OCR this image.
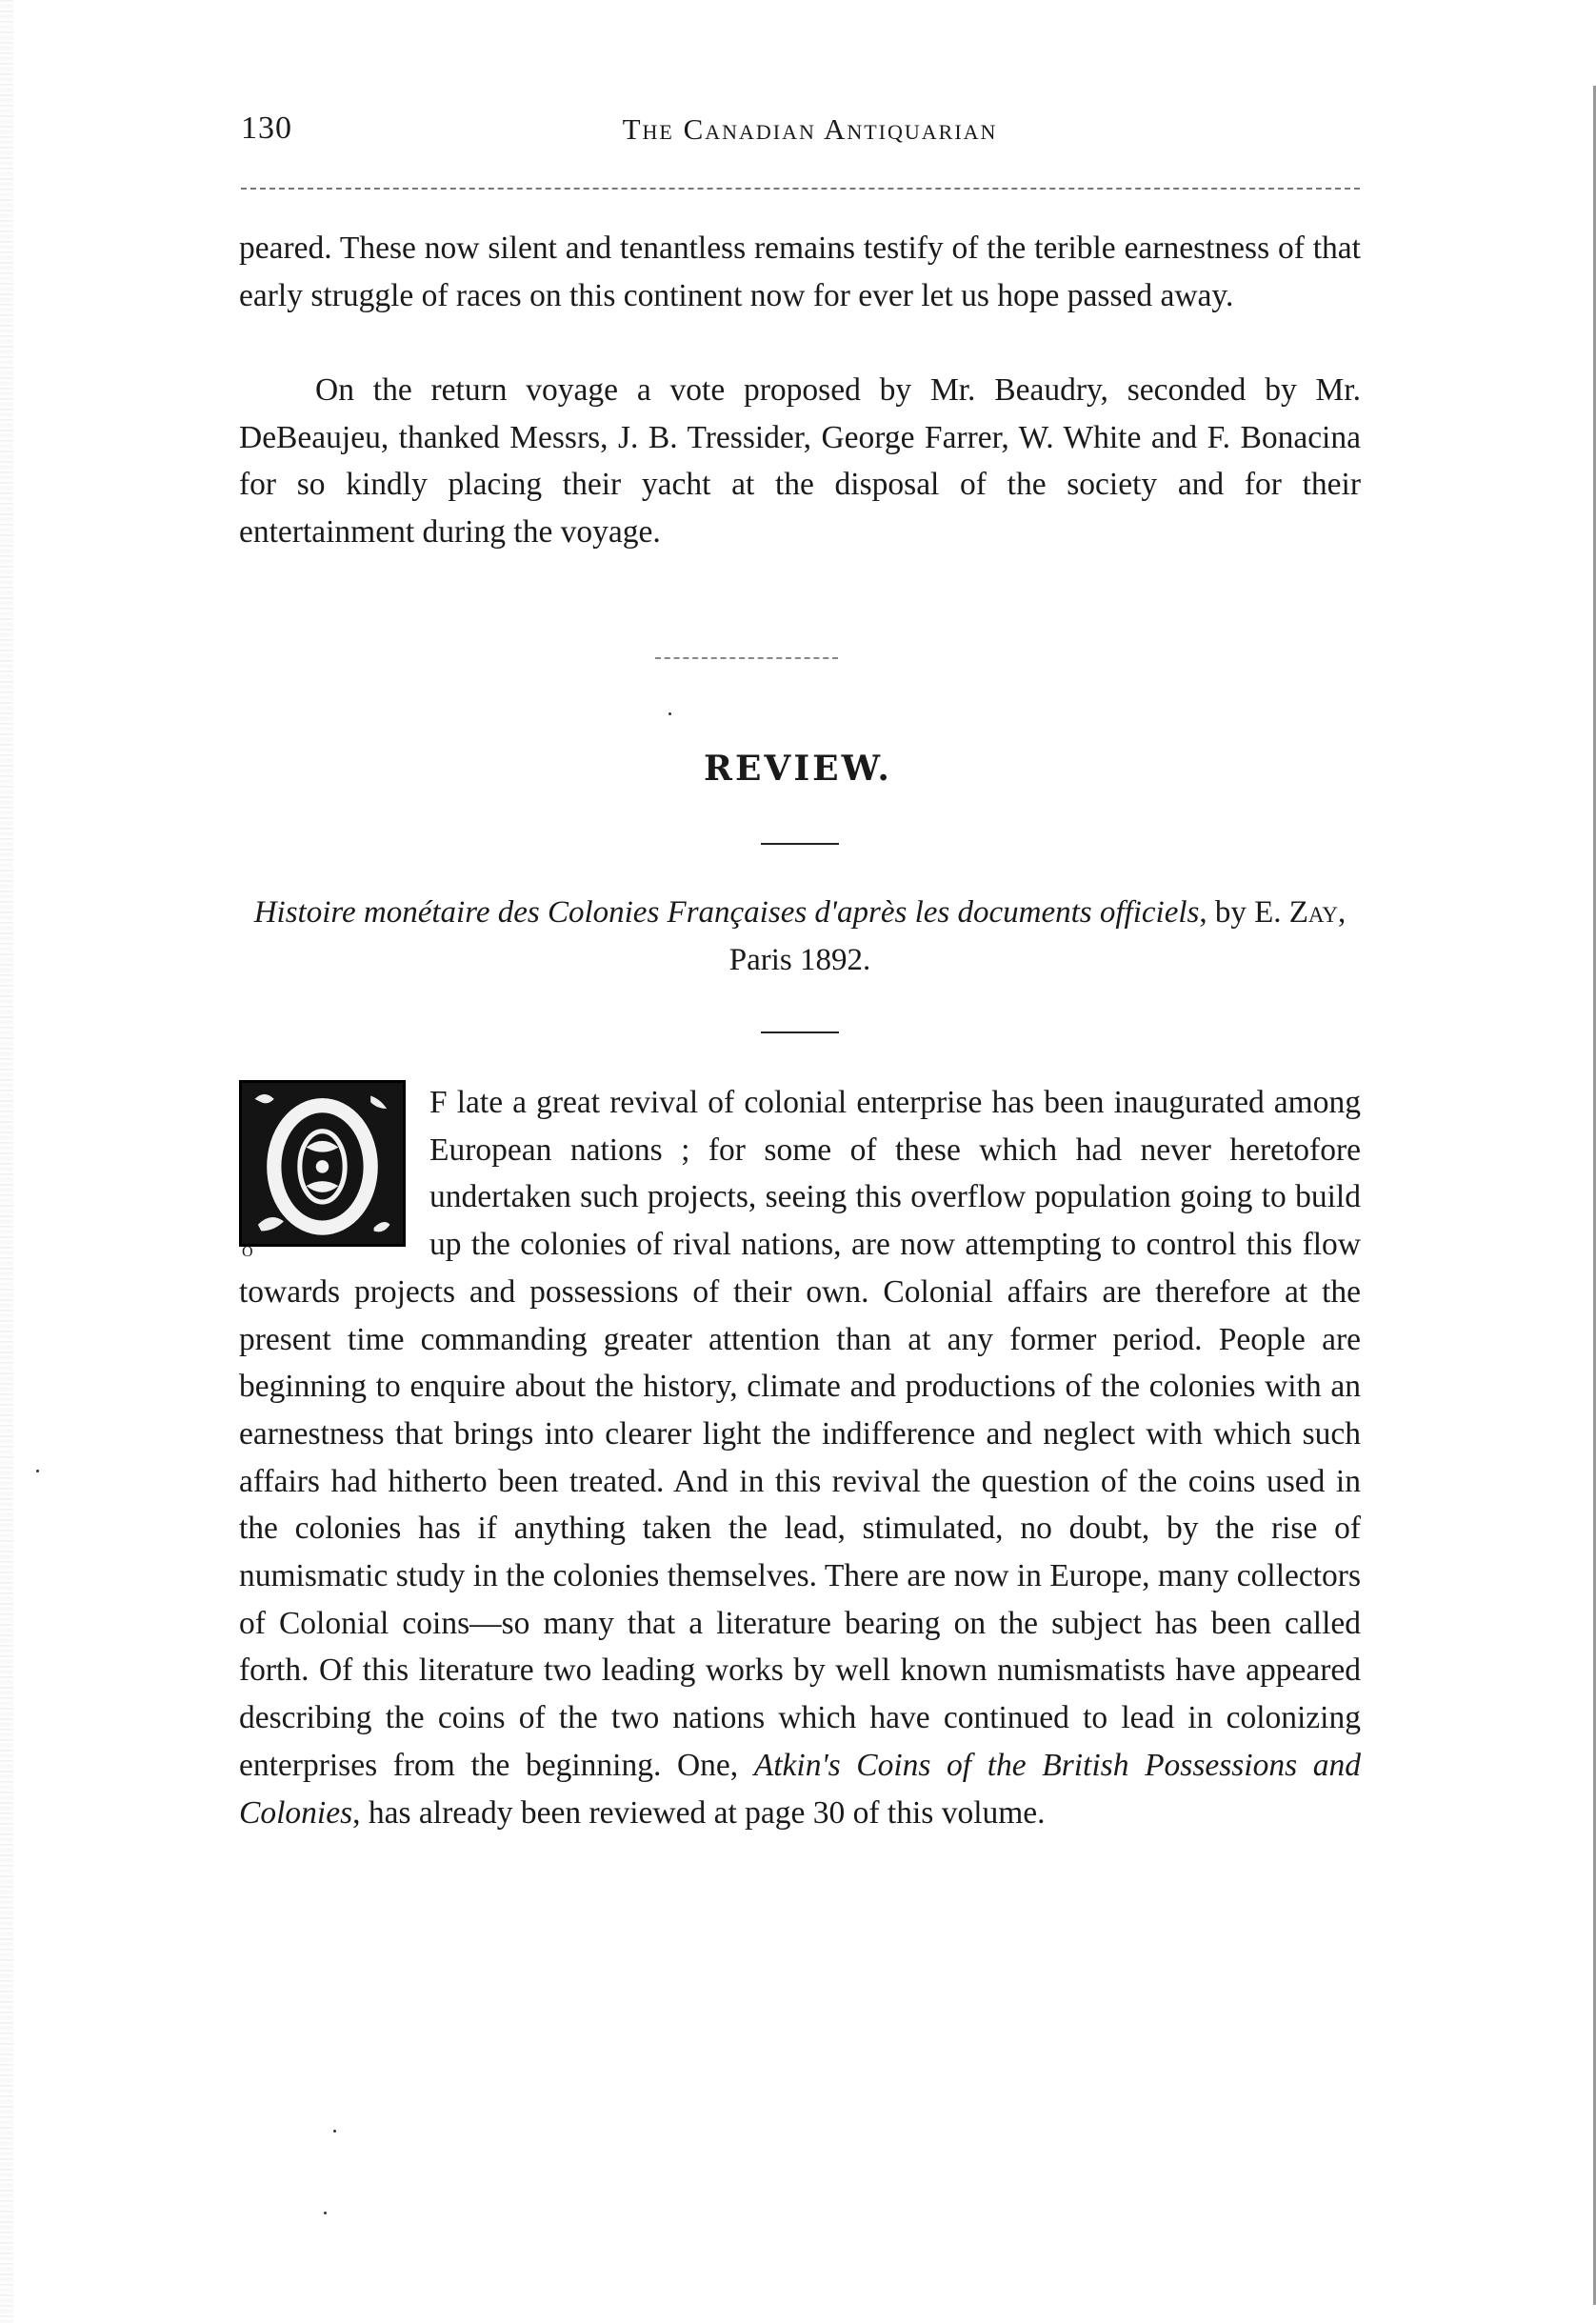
130	The Canadian Antiquarian

peared. These now silent and tenantless remains testify of the terible earnestness of that early struggle of races on this continent now for ever let us hope passed away.

On the return voyage a vote proposed by Mr. Beaudry, seconded by Mr. DeBeaujeu, thanked Messrs, J. B. Tressider, George Farrer, W. White and F. Bonacina for so kindly placing their yacht at the disposal of the society and for their entertainment during the voyage.

REVIEW.
Histoire monétaire des Colonies Françaises d'après les documents officiels, by E. Zay, Paris 1892.
O
F late a great revival of colonial enterprise has been inaugurated among European nations ; for some of these which had never heretofore undertaken such projects, seeing this overflow population going to build up the colonies of rival nations, are now attempting to control this flow towards projects and possessions of their own. Colonial affairs are therefore at the present time commanding greater attention than at any former period. People are beginning to enquire about the history, climate and productions of the colonies with an earnestness that brings into clearer light the indifference and neglect with which such affairs had hitherto been treated. And in this revival the question of the coins used in the colonies has if anything taken the lead, stimulated, no doubt, by the rise of numismatic study in the colonies themselves. There are now in Europe, many collectors of Colonial coins—so many that a literature bearing on the subject has been called forth. Of this literature two leading works by well known numismatists have appeared describing the coins of the two nations which have continued to lead in colonizing enterprises from the beginning. One, Atkin's Coins of the British Possessions and Colonies, has already been reviewed at page 30 of this volume.
